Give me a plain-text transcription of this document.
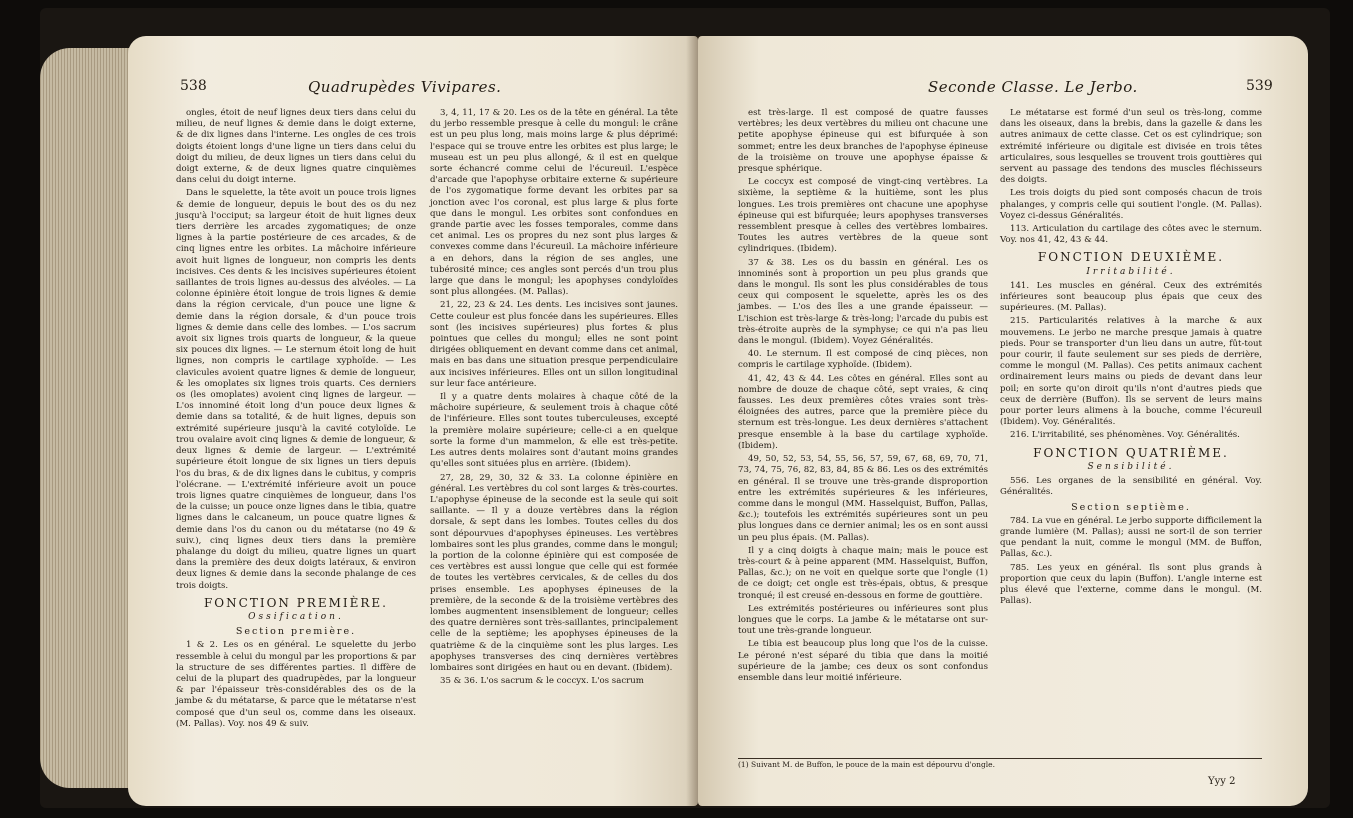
538	Quadrupèdes Vivipares.

ongles, étoit de neuf lignes deux tiers dans celui du milieu, de neuf lignes & demie dans le doigt externe, & de dix lignes dans l'interne. Les ongles de ces trois doigts étoient longs d'une ligne un tiers dans celui du doigt du milieu, de deux lignes un tiers dans celui du doigt externe, & de deux lignes quatre cinquièmes dans celui du doigt interne.

Dans le squelette, la tête avoit un pouce trois lignes & demie de longueur, depuis le bout des os du nez jusqu'à l'occiput; sa largeur étoit de huit lignes deux tiers derrière les arcades zygomatiques; de onze lignes à la partie postérieure de ces arcades, & de cinq lignes entre les orbites. La mâchoire inférieure avoit huit lignes de longueur, non compris les dents incisives. Ces dents & les incisives supérieures étoient saillantes de trois lignes au-dessus des alvéoles. — La colonne épinière étoit longue de trois lignes & demie dans la région cervicale, d'un pouce une ligne & demie dans la région dorsale, & d'un pouce trois lignes & demie dans celle des lombes. — L'os sacrum avoit six lignes trois quarts de longueur, & la queue six pouces dix lignes. — Le sternum étoit long de huit lignes, non compris le cartilage xyphoïde. — Les clavicules avoient quatre lignes & demie de longueur, & les omoplates six lignes trois quarts. Ces derniers os (les omoplates) avoient cinq lignes de largeur. — L'os innominé étoit long d'un pouce deux lignes & demie dans sa totalité, & de huit lignes, depuis son extrémité supérieure jusqu'à la cavité cotyloïde. Le trou ovalaire avoit cinq lignes & demie de longueur, & deux lignes & demie de largeur. — L'extrémité supérieure étoit longue de six lignes un tiers depuis l'os du bras, & de dix lignes dans le cubitus, y compris l'olécrane. — L'extrémité inférieure avoit un pouce trois lignes quatre cinquièmes de longueur, dans l'os de la cuisse; un pouce onze lignes dans le tibia, quatre lignes dans le calcaneum, un pouce quatre lignes & demie dans l'os du canon ou du métatarse (no 49 & suiv.), cinq lignes deux tiers dans la première phalange du doigt du milieu, quatre lignes un quart dans la première des deux doigts latéraux, & environ deux lignes & demie dans la seconde phalange de ces trois doigts.

FONCTION PREMIÈRE.
Ossification.
Section première.

1 & 2. Les os en général. Le squelette du jerbo ressemble à celui du mongul par les proportions & par la structure de ses différentes parties. Il diffère de celui de la plupart des quadrupèdes, par la longueur & par l'épaisseur très-considérables des os de la jambe & du métatarse, & parce que le métatarse n'est composé que d'un seul os, comme dans les oiseaux. (M. Pallas). Voy. nos 49 & suiv.

3, 4, 11, 17 & 20. Les os de la tête en général. La tête du jerbo ressemble presque à celle du mongul: le crâne est un peu plus long, mais moins large & plus déprimé: l'espace qui se trouve entre les orbites est plus large; le museau est un peu plus allongé, & il est en quelque sorte échancré comme celui de l'écureuil. L'espèce d'arcade que l'apophyse orbitaire externe & supérieure de l'os zygomatique forme devant les orbites par sa jonction avec l'os coronal, est plus large & plus forte que dans le mongul. Les orbites sont confondues en grande partie avec les fosses temporales, comme dans cet animal. Les os propres du nez sont plus larges & convexes comme dans l'écureuil. La mâchoire inférieure a en dehors, dans la région de ses angles, une tubérosité mince; ces angles sont percés d'un trou plus large que dans le mongul; les apophyses condyloïdes sont plus allongées. (M. Pallas).

21, 22, 23 & 24. Les dents. Les incisives sont jaunes. Cette couleur est plus foncée dans les supérieures. Elles sont (les incisives supérieures) plus fortes & plus pointues que celles du mongul; elles ne sont point dirigées obliquement en devant comme dans cet animal, mais en bas dans une situation presque perpendiculaire aux incisives inférieures. Elles ont un sillon longitudinal sur leur face antérieure.

Il y a quatre dents molaires à chaque côté de la mâchoire supérieure, & seulement trois à chaque côté de l'inférieure. Elles sont toutes tuberculeuses, excepté la première molaire supérieure; celle-ci a en quelque sorte la forme d'un mammelon, & elle est très-petite. Les autres dents molaires sont d'autant moins grandes qu'elles sont situées plus en arrière. (Ibidem).

27, 28, 29, 30, 32 & 33. La colonne épinière en général. Les vertèbres du col sont larges & très-courtes. L'apophyse épineuse de la seconde est la seule qui soit saillante. — Il y a douze vertèbres dans la région dorsale, & sept dans les lombes. Toutes celles du dos sont dépourvues d'apophyses épineuses. Les vertèbres lombaires sont les plus grandes, comme dans le mongul; la portion de la colonne épinière qui est composée de ces vertèbres est aussi longue que celle qui est formée de toutes les vertèbres cervicales, & de celles du dos prises ensemble. Les apophyses épineuses de la première, de la seconde & de la troisième vertèbres des lombes augmentent insensiblement de longueur; celles des quatre dernières sont très-saillantes, principalement celle de la septième; les apophyses épineuses de la quatrième & de la cinquième sont les plus larges. Les apophyses transverses des cinq dernières vertèbres lombaires sont dirigées en haut ou en devant. (Ibidem).

35 & 36. L'os sacrum & le coccyx. L'os sacrum

Seconde Classe. Le Jerbo.	539

est très-large. Il est composé de quatre fausses vertèbres; les deux vertèbres du milieu ont chacune une petite apophyse épineuse qui est bifurquée à son sommet; entre les deux branches de l'apophyse épineuse de la troisième on trouve une apophyse épaisse & presque sphérique.

Le coccyx est composé de vingt-cinq vertèbres. La sixième, la septième & la huitième, sont les plus longues. Les trois premières ont chacune une apophyse épineuse qui est bifurquée; leurs apophyses transverses ressemblent presque à celles des vertèbres lombaires. Toutes les autres vertèbres de la queue sont cylindriques. (Ibidem).

37 & 38. Les os du bassin en général. Les os innominés sont à proportion un peu plus grands que dans le mongul. Ils sont les plus considérables de tous ceux qui composent le squelette, après les os des jambes. — L'os des îles a une grande épaisseur. — L'ischion est très-large & très-long; l'arcade du pubis est très-étroite auprès de la symphyse; ce qui n'a pas lieu dans le mongul. (Ibidem). Voyez Généralités.

40. Le sternum. Il est composé de cinq pièces, non compris le cartilage xyphoïde. (Ibidem).

41, 42, 43 & 44. Les côtes en général. Elles sont au nombre de douze de chaque côté, sept vraies, & cinq fausses. Les deux premières côtes vraies sont très-éloignées des autres, parce que la première pièce du sternum est très-longue. Les deux dernières s'attachent presque ensemble à la base du cartilage xyphoïde. (Ibidem).

49, 50, 52, 53, 54, 55, 56, 57, 59, 67, 68, 69, 70, 71, 73, 74, 75, 76, 82, 83, 84, 85 & 86. Les os des extrémités en général. Il se trouve une très-grande disproportion entre les extrémités supérieures & les inférieures, comme dans le mongul (MM. Hasselquist, Buffon, Pallas, &c.); toutefois les extrémités supérieures sont un peu plus longues dans ce dernier animal; les os en sont aussi un peu plus épais. (M. Pallas).

Il y a cinq doigts à chaque main; mais le pouce est très-court & à peine apparent (MM. Hasselquist, Buffon, Pallas, &c.); on ne voit en quelque sorte que l'ongle (1) de ce doigt; cet ongle est très-épais, obtus, & presque tronqué; il est creusé en-dessous en forme de gouttière.

Les extrémités postérieures ou inférieures sont plus longues que le corps. La jambe & le métatarse ont sur-tout une très-grande longueur.

Le tibia est beaucoup plus long que l'os de la cuisse. Le péroné n'est séparé du tibia que dans la moitié supérieure de la jambe; ces deux os sont confondus ensemble dans leur moitié inférieure.

Le métatarse est formé d'un seul os très-long, comme dans les oiseaux, dans la brebis, dans la gazelle & dans les autres animaux de cette classe. Cet os est cylindrique; son extrémité inférieure ou digitale est divisée en trois têtes articulaires, sous lesquelles se trouvent trois gouttières qui servent au passage des tendons des muscles fléchisseurs des doigts.

Les trois doigts du pied sont composés chacun de trois phalanges, y compris celle qui soutient l'ongle. (M. Pallas). Voyez ci-dessus Généralités.

113. Articulation du cartilage des côtes avec le sternum. Voy. nos 41, 42, 43 & 44.

FONCTION DEUXIÈME.
Irritabilité.

141. Les muscles en général. Ceux des extrémités inférieures sont beaucoup plus épais que ceux des supérieures. (M. Pallas).

215. Particularités relatives à la marche & aux mouvemens. Le jerbo ne marche presque jamais à quatre pieds. Pour se transporter d'un lieu dans un autre, fût-tout pour courir, il faute seulement sur ses pieds de derrière, comme le mongul (M. Pallas). Ces petits animaux cachent ordinairement leurs mains ou pieds de devant dans leur poil; en sorte qu'on diroit qu'ils n'ont d'autres pieds que ceux de derrière (Buffon). Ils se servent de leurs mains pour porter leurs alimens à la bouche, comme l'écureuil (Ibidem). Voy. Généralités.

216. L'irritabilité, ses phénomènes. Voy. Généralités.

FONCTION QUATRIÈME.
Sensibilité.

556. Les organes de la sensibilité en général. Voy. Généralités.

Section septième.

784. La vue en général. Le jerbo supporte difficilement la grande lumière (M. Pallas); aussi ne sort-il de son terrier que pendant la nuit, comme le mongul (MM. de Buffon, Pallas, &c.).

785. Les yeux en général. Ils sont plus grands à proportion que ceux du lapin (Buffon). L'angle interne est plus élevé que l'externe, comme dans le mongul. (M. Pallas).

(1) Suivant M. de Buffon, le pouce de la main est dépourvu d'ongle.
Yyy 2
